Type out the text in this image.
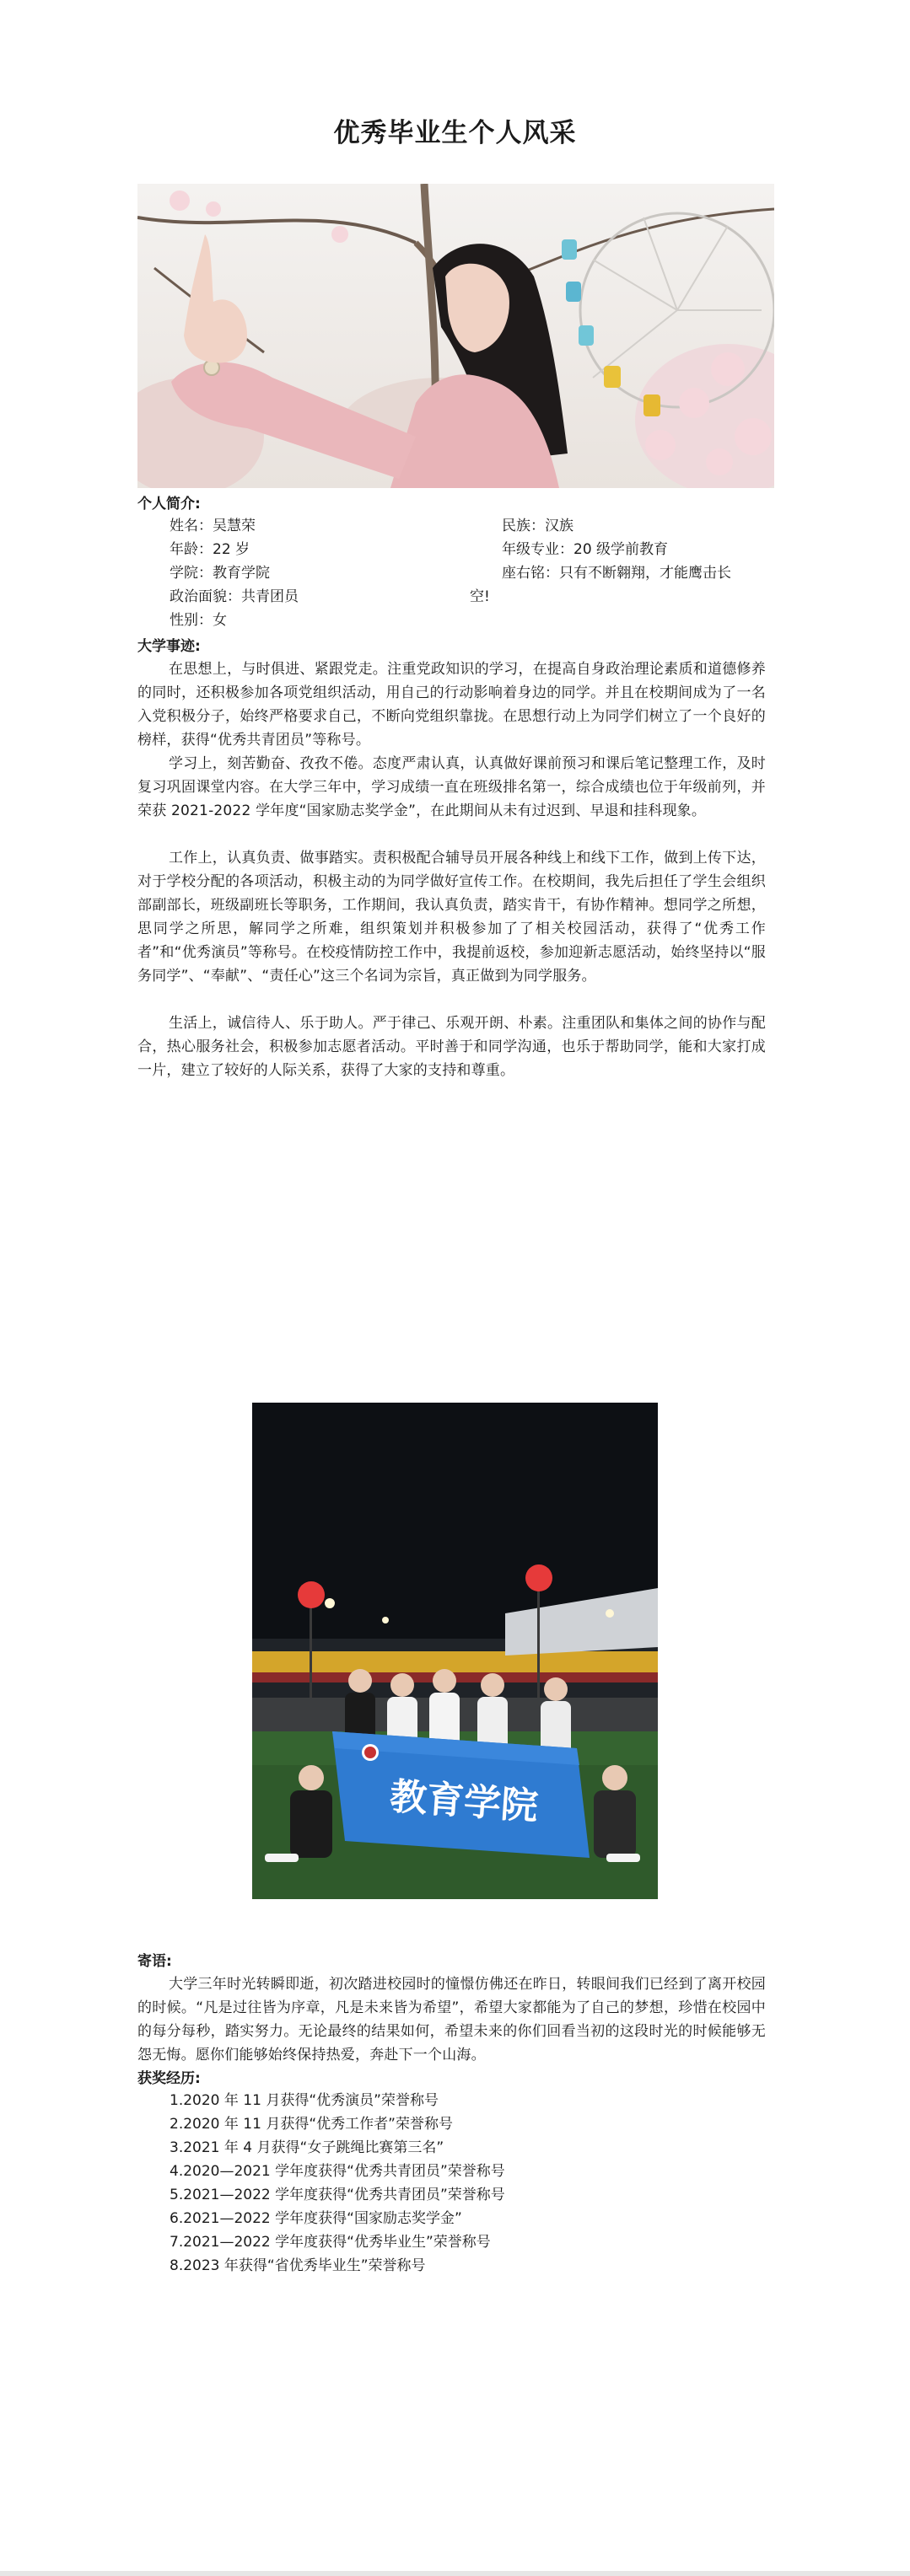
优秀毕业生个人风采
个人简介:
姓名：吴慧荣	民族：汉族
年龄：22 岁	年级专业：20 级学前教育
学院：教育学院	座右铭：只有不断翱翔，才能鹰击长
政治面貌：共青团员	空!
性别：女
大学事迹:

在思想上，与时俱进、紧跟党走。注重党政知识的学习，在提高自身政治理论素质和道德修养的同时，还积极参加各项党组织活动，用自己的行动影响着身边的同学。并且在校期间成为了一名入党积极分子，始终严格要求自己，不断向党组织靠拢。在思想行动上为同学们树立了一个良好的榜样，获得“优秀共青团员”等称号。

学习上，刻苦勤奋、孜孜不倦。态度严肃认真，认真做好课前预习和课后笔记整理工作，及时复习巩固课堂内容。在大学三年中，学习成绩一直在班级排名第一，综合成绩也位于年级前列，并荣获 2021-2022 学年度“国家励志奖学金”，在此期间从未有过迟到、早退和挂科现象。

工作上，认真负责、做事踏实。责积极配合辅导员开展各种线上和线下工作，做到上传下达，对于学校分配的各项活动，积极主动的为同学做好宣传工作。在校期间，我先后担任了学生会组织部副部长，班级副班长等职务，工作期间，我认真负责，踏实肯干，有协作精神。想同学之所想，思同学之所思，解同学之所难，组织策划并积极参加了了相关校园活动，获得了“优秀工作者”和“优秀演员”等称号。在校疫情防控工作中，我提前返校，参加迎新志愿活动，始终坚持以“服务同学”、“奉献”、“责任心”这三个名词为宗旨，真正做到为同学服务。

生活上，诚信待人、乐于助人。严于律己、乐观开朗、朴素。注重团队和集体之间的协作与配合，热心服务社会，积极参加志愿者活动。平时善于和同学沟通，也乐于帮助同学，能和大家打成一片，建立了较好的人际关系，获得了大家的支持和尊重。

教育学院
寄语:

大学三年时光转瞬即逝，初次踏进校园时的憧憬仿佛还在昨日，转眼间我们已经到了离开校园的时候。“凡是过往皆为序章，凡是未来皆为希望”，希望大家都能为了自己的梦想，珍惜在校园中的每分每秒，踏实努力。无论最终的结果如何，希望未来的你们回看当初的这段时光的时候能够无怨无悔。愿你们能够始终保持热爱，奔赴下一个山海。

获奖经历:
1.2020 年 11 月获得“优秀演员”荣誉称号
2.2020 年 11 月获得“优秀工作者”荣誉称号
3.2021 年 4 月获得“女子跳绳比赛第三名”
4.2020—2021 学年度获得“优秀共青团员”荣誉称号
5.2021—2022 学年度获得“优秀共青团员”荣誉称号
6.2021—2022 学年度获得“国家励志奖学金”
7.2021—2022 学年度获得“优秀毕业生”荣誉称号
8.2023 年获得“省优秀毕业生”荣誉称号
